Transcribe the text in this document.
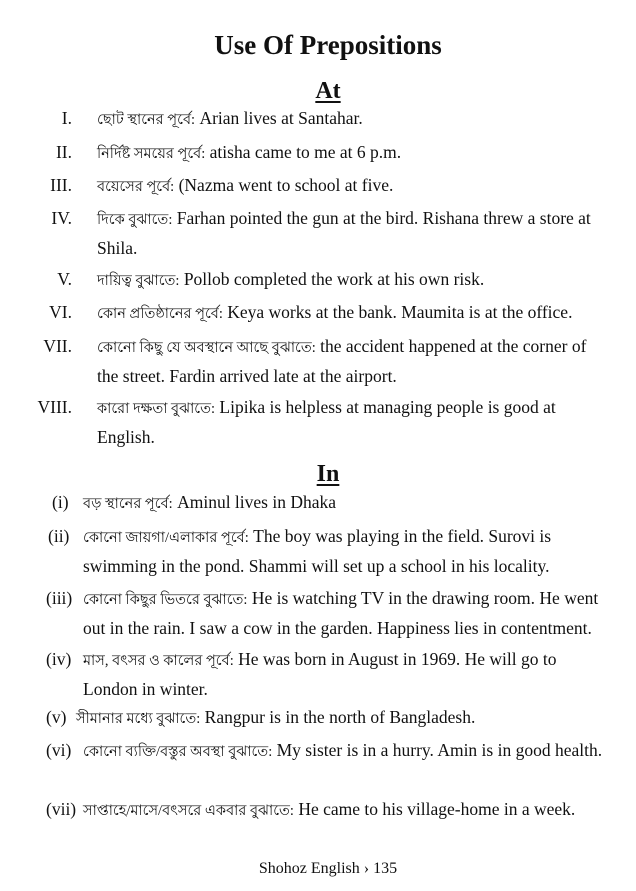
Use Of Prepositions
At
I. ছোট স্থানের পূর্বে: Arian lives at Santahar.
II. নির্দিষ্ট সময়ের পূর্বে: atisha came to me at 6 p.m.
III. বয়েসের পূর্বে: (Nazma went to school at five.
IV. দিকে বুঝাতে: Farhan pointed the gun at the bird. Rishana threw a store at Shila.
V. দায়িত্ব বুঝাতে: Pollob completed the work at his own risk.
VI. কোন প্রতিষ্ঠানের পূর্বে: Keya works at the bank. Maumita is at the office.
VII. কোনো কিছু যে অবস্থানে আছে বুঝাতে: the accident happened at the corner of the street. Fardin arrived late at the airport.
VIII. কারো দক্ষতা বুঝাতে: Lipika is helpless at managing people is good at English.
In
(i) বড় স্থানের পূর্বে: Aminul lives in Dhaka
(ii) কোনো জায়গা/এলাকার পূর্বে: The boy was playing in the field. Surovi is swimming in the pond. Shammi will set up a school in his locality.
(iii) কোনো কিছুর ভিতরে বুঝাতে: He is watching TV in the drawing room. He went out in the rain. I saw a cow in the garden. Happiness lies in contentment.
(iv) মাস, বৎসর ও কালের পূর্বে: He was born in August in 1969. He will go to London in winter.
(v) সীমানার মধ্যে বুঝাতে: Rangpur is in the north of Bangladesh.
(vi) কোনো ব্যক্তি/বস্তুর অবস্থা বুঝাতে: My sister is in a hurry. Amin is in good health.
(vii) সাপ্তাহে/মাসে/বৎসরে একবার বুঝাতে: He came to his village-home in a week.
Shohoz English › 135
